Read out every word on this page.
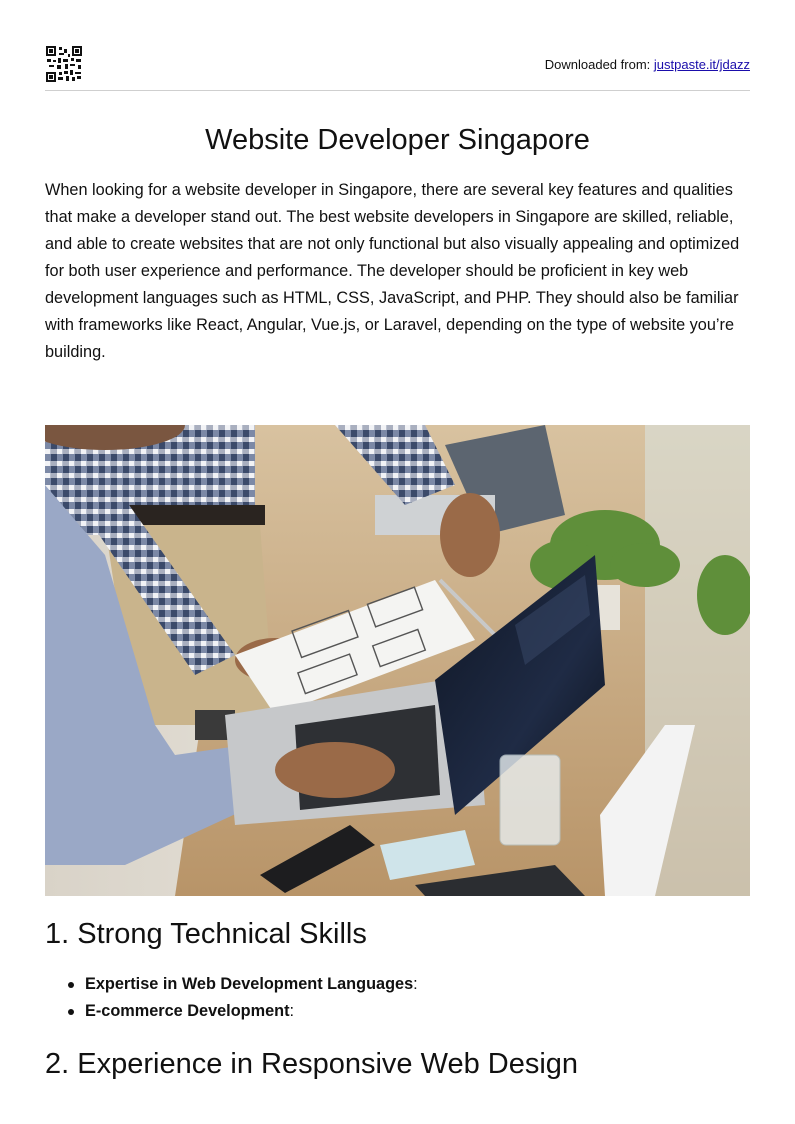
Downloaded from: justpaste.it/jdazz
Website Developer Singapore

When looking for a website developer in Singapore, there are several key features and qualities that make a developer stand out. The best website developers in Singapore are skilled, reliable, and able to create websites that are not only functional but also visually appealing and optimized for both user experience and performance. The developer should be proficient in key web development languages such as HTML, CSS, JavaScript, and PHP. They should also be familiar with frameworks like React, Angular, Vue.js, or Laravel, depending on the type of website you’re building.

1. Strong Technical Skills
Expertise in Web Development Languages:
E-commerce Development:
2. Experience in Responsive Web Design
